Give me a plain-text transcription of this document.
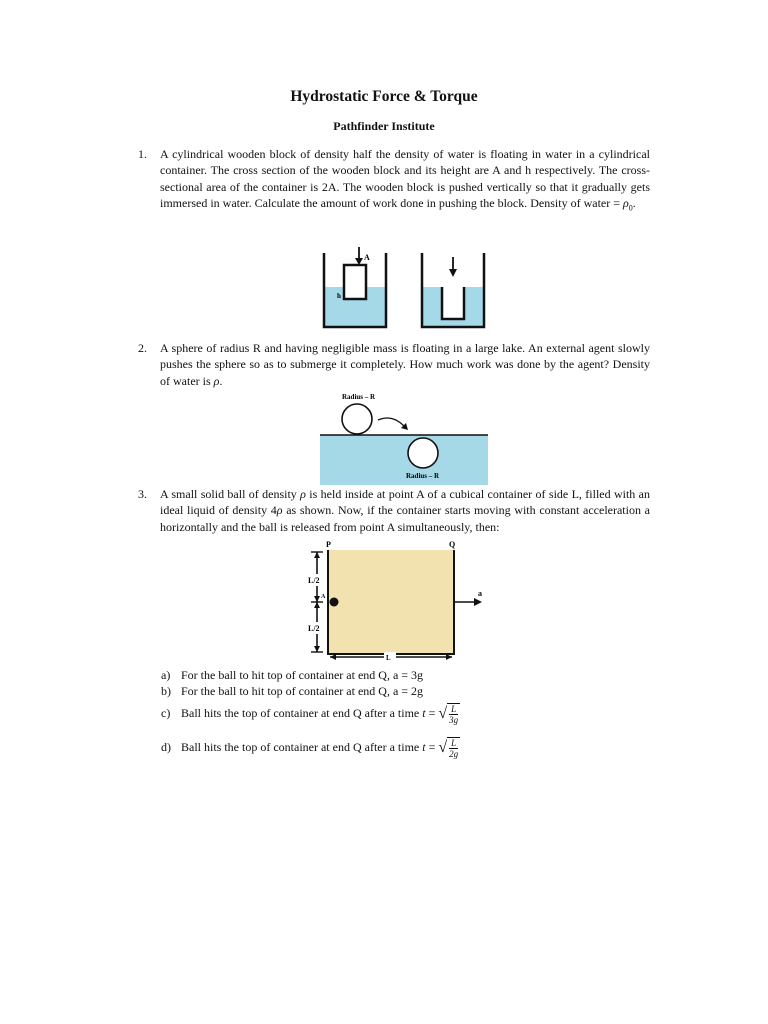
Hydrostatic Force & Torque
Pathfinder Institute
1. A cylindrical wooden block of density half the density of water is floating in water in a cylindrical container. The cross section of the wooden block and its height are A and h respectively. The cross-sectional area of the container is 2A. The wooden block is pushed vertically so that it gradually gets immersed in water. Calculate the amount of work done in pushing the block. Density of water = $\rho_0$.
A
h
2. A sphere of radius R and having negligible mass is floating in a large lake. An external agent slowly pushes the sphere so as to submerge it completely. How much work was done by the agent? Density of water is ρ.
Radius – R
Radius – R
3. A small solid ball of density ρ is held inside at point A of a cubical container of side L, filled with an ideal liquid of density 4ρ as shown. Now, if the container starts moving with constant acceleration a horizontally and the ball is released from point A simultaneously, then:
P	Q
a
A
L/2
L/2
L
a) For the ball to hit top of container at end Q, a = 3g
b) For the ball to hit top of container at end Q, a = 2g
c) Ball hits the top of container at end Q after a time t = √ L
3g
d) Ball hits the top of container at end Q after a time t = √ L
2g
